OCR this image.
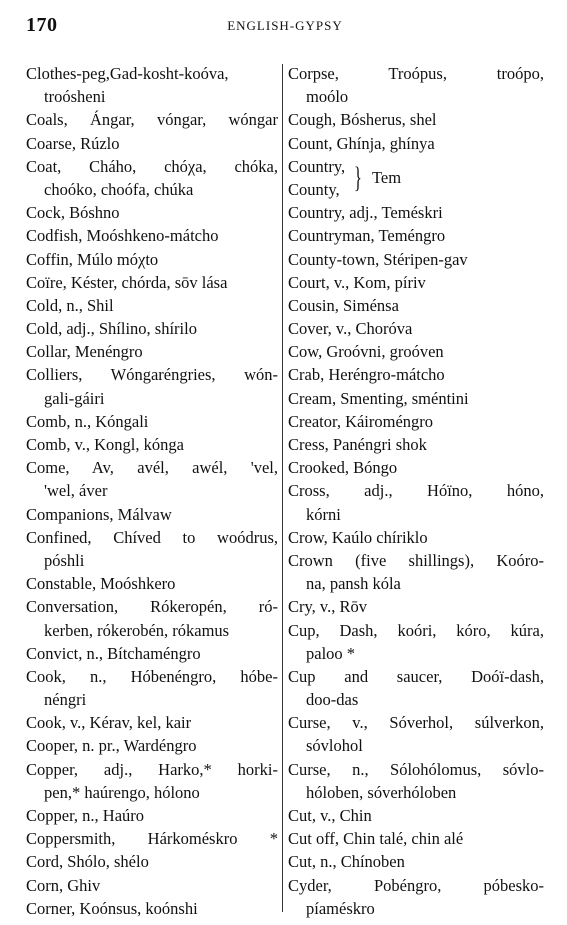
170	ENGLISH-GYPSY
Clothes-peg,Gad-kosht-koóva,
troósheni
Coals, Ángar, vóngar, wóngar
Coarse, Rúzlo
Coat, Cháho, chóχa, chóka,
choóko, choófa, chúka
Cock, Bóshno
Codfish, Moóshkeno-mátcho
Coffin, Múlo móχto
Coïre, Késter, chórda, sōv lása
Cold, n., Shil
Cold, adj., Shílino, shírilo
Collar, Menéngro
Colliers, Wóngaréngries, wón-
gali-gáiri
Comb, n., Kóngali
Comb, v., Kongl, kónga
Come, Av, avél, awél, 'vel,
'wel, áver
Companions, Málvaw
Confined, Chíved to woódrus,
póshli
Constable, Moóshkero
Conversation, Rókeropén, ró-
kerben, rókerobén, rókamus
Convict, n., Bítchaméngro
Cook, n., Hóbenéngro, hóbe-
néngri
Cook, v., Kérav, kel, kair
Cooper, n. pr., Wardéngro
Copper, adj., Harko,* horki-
pen,* haúrengo, hólono
Copper, n., Haúro
Coppersmith, Hárkoméskro *
Cord, Shólo, shélo
Corn, Ghiv
Corner, Koónsus, koónshi
Corpse, Troópus, troópo,
moólo
Cough, Bósherus, shel
Count, Ghínja, ghínya
Country,
County, } Tem
Country, adj., Teméskri
Countryman, Teméngro
County-town, Stéripen-gav
Court, v., Kom, píriv
Cousin, Siménsa
Cover, v., Choróva
Cow, Groóvni, groóven
Crab, Heréngro-mátcho
Cream, Smenting, sméntini
Creator, Káiroméngro
Cress, Panéngri shok
Crooked, Bóngo
Cross, adj., Hóïno, hóno,
kórni
Crow, Kaúlo chíriklo
Crown (five shillings), Koóro-
na, pansh kóla
Cry, v., Rōv
Cup, Dash, koóri, kóro, kúra,
paloo *
Cup and saucer, Doóï-dash,
doo-das
Curse, v., Sóverhol, súlverkon,
sóvlohol
Curse, n., Sólohólomus, sóvlo-
hóloben, sóverhóloben
Cut, v., Chin
Cut off, Chin talé, chin alé
Cut, n., Chínoben
Cyder, Pobéngro, póbesko-
píaméskro
